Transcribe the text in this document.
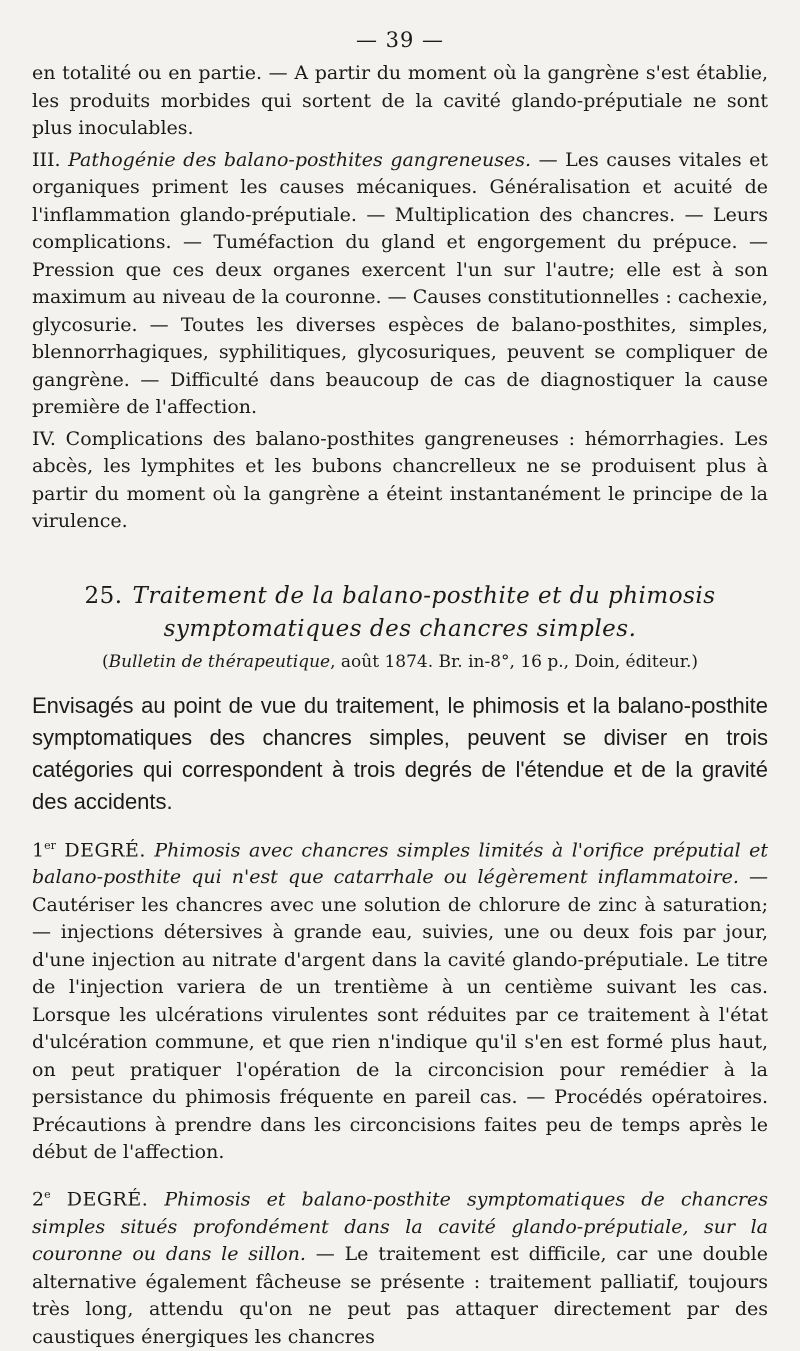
— 39 —

en totalité ou en partie. — A partir du moment où la gangrène s'est établie, les produits morbides qui sortent de la cavité glando-préputiale ne sont plus inoculables.

III. Pathogénie des balano-posthites gangreneuses. — Les causes vitales et organiques priment les causes mécaniques. Généralisation et acuité de l'inflammation glando-préputiale. — Multiplication des chancres. — Leurs complications. — Tuméfaction du gland et engorgement du prépuce. — Pression que ces deux organes exercent l'un sur l'autre; elle est à son maximum au niveau de la couronne. — Causes constitutionnelles : cachexie, glycosurie. — Toutes les diverses espèces de balano-posthites, simples, blennorrhagiques, syphilitiques, glycosuriques, peuvent se compliquer de gangrène. — Difficulté dans beaucoup de cas de diagnostiquer la cause première de l'affection.

IV. Complications des balano-posthites gangreneuses : hémorrhagies. Les abcès, les lymphites et les bubons chancrelleux ne se produisent plus à partir du moment où la gangrène a éteint instantanément le principe de la virulence.

25. Traitement de la balano-posthite et du phimosis symptomatiques des chancres simples.
(Bulletin de thérapeutique, août 1874. Br. in-8°, 16 p., Doin, éditeur.)

Envisagés au point de vue du traitement, le phimosis et la balano-posthite symptomatiques des chancres simples, peuvent se diviser en trois catégories qui correspondent à trois degrés de l'étendue et de la gravité des accidents.

1er DEGRÉ. Phimosis avec chancres simples limités à l'orifice préputial et balano-posthite qui n'est que catarrhale ou légèrement inflammatoire. — Cautériser les chancres avec une solution de chlorure de zinc à saturation; — injections détersives à grande eau, suivies, une ou deux fois par jour, d'une injection au nitrate d'argent dans la cavité glando-préputiale. Le titre de l'injection variera de un trentième à un centième suivant les cas. Lorsque les ulcérations virulentes sont réduites par ce traitement à l'état d'ulcération commune, et que rien n'indique qu'il s'en est formé plus haut, on peut pratiquer l'opération de la circoncision pour remédier à la persistance du phimosis fréquente en pareil cas. — Procédés opératoires. Précautions à prendre dans les circoncisions faites peu de temps après le début de l'affection.

2e DEGRÉ. Phimosis et balano-posthite symptomatiques de chancres simples situés profondément dans la cavité glando-préputiale, sur la couronne ou dans le sillon. — Le traitement est difficile, car une double alternative également fâcheuse se présente : traitement palliatif, toujours très long, attendu qu'on ne peut pas attaquer directement par des caustiques énergiques les chancres
